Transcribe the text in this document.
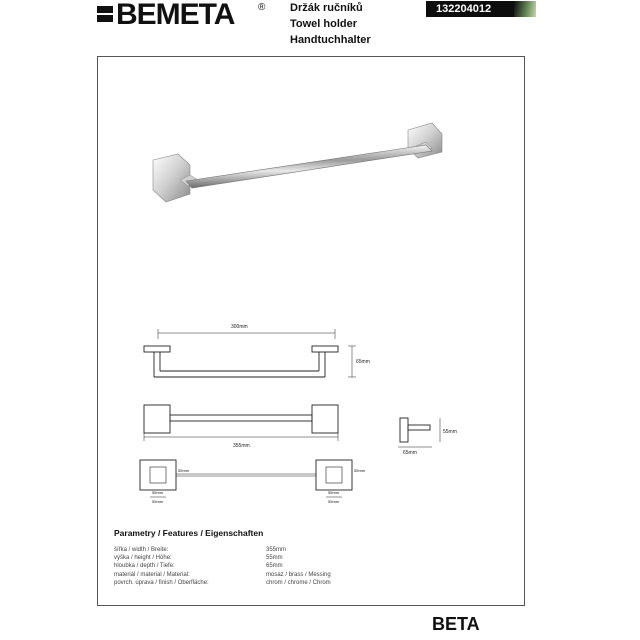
BEMETA ® Držák ručníků
Towel holder
Handtuchhalter
132204012
300mm
65mm
355mm
55mm
65mm
55mm	55mm
55mm
55mm
55mm
55mm
Parametry / Features / Eigenschaften
šířka / width / Breite:	355mm
výška / height / Höhe:	55mm
hloubka / depth / Tiefe:	65mm
materiál / material / Material:	mosaz / brass / Messing
povrch. úprava / finish / Oberfläche:	chrom / chrome / Chrom
BETA
